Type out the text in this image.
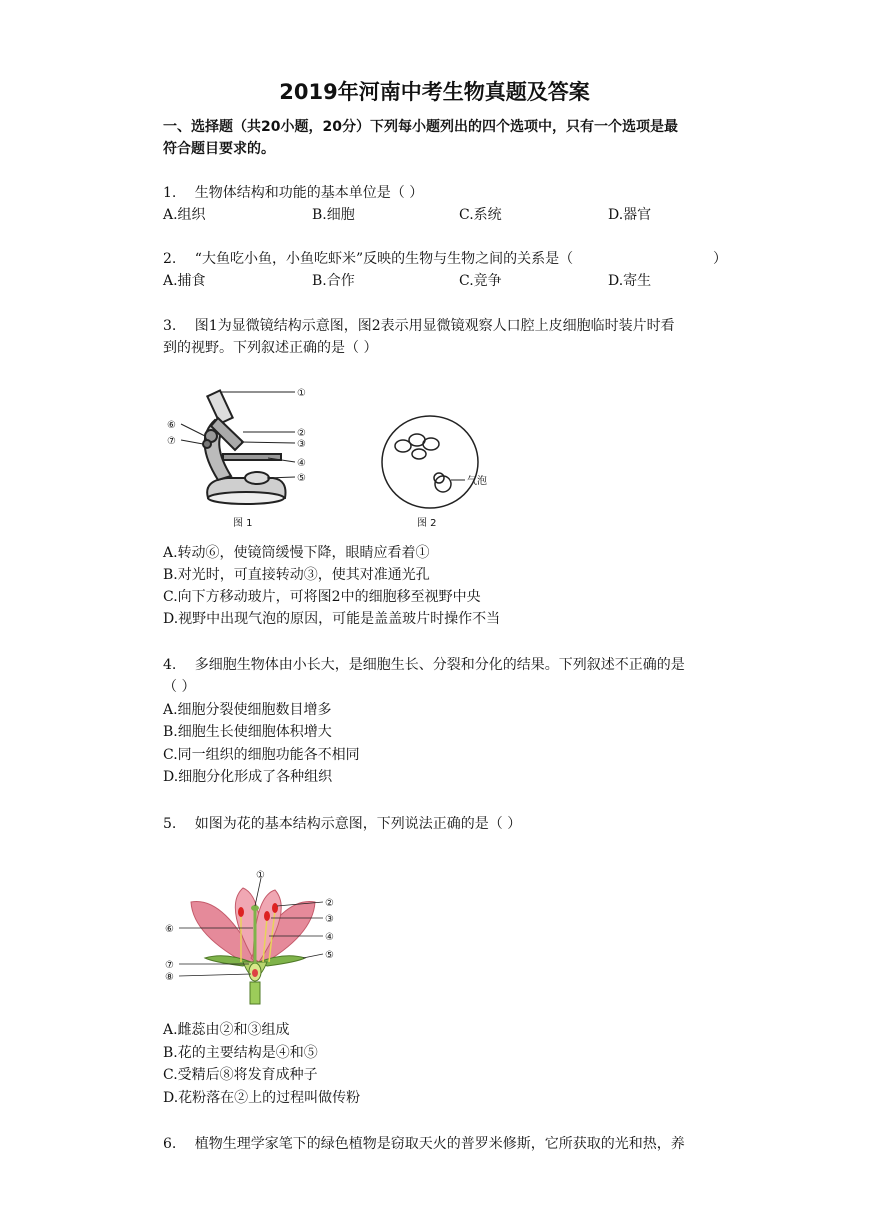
2019年河南中考生物真题及答案
一、选择题（共20小题，20分）下列每小题列出的四个选项中，只有一个选项是最
符合题目要求的。
1.　 生物体结构和功能的基本单位是（ ）
A.组织	B.细胞	C.系统	D.器官
2.　 “大鱼吃小鱼，小鱼吃虾米”反映的生物与生物之间的关系是（	）
A.捕食	B.合作	C.竞争	D.寄生
3.　 图1为显微镜结构示意图，图2表示用显微镜观察人口腔上皮细胞临时装片时看
到的视野。下列叙述正确的是（ ）
①
②
③
④
⑤
⑥
⑦
图 1
气泡
图 2
A.转动⑥，使镜筒缓慢下降，眼睛应看着①
B.对光时，可直接转动③，使其对准通光孔
C.向下方移动玻片，可将图2中的细胞移至视野中央
D.视野中出现气泡的原因，可能是盖盖玻片时操作不当
4.　 多细胞生物体由小长大，是细胞生长、分裂和分化的结果。下列叙述不正确的是
（ ）
A.细胞分裂使细胞数目增多
B.细胞生长使细胞体积增大
C.同一组织的细胞功能各不相同
D.细胞分化形成了各种组织
5.　 如图为花的基本结构示意图，下列说法正确的是（ ）
①
②
③
④
⑤
⑥
⑦
⑧
A.雌蕊由②和③组成
B.花的主要结构是④和⑤
C.受精后⑧将发育成种子
D.花粉落在②上的过程叫做传粉
6.　 植物生理学家笔下的绿色植物是窃取天火的普罗米修斯，它所获取的光和热，养
